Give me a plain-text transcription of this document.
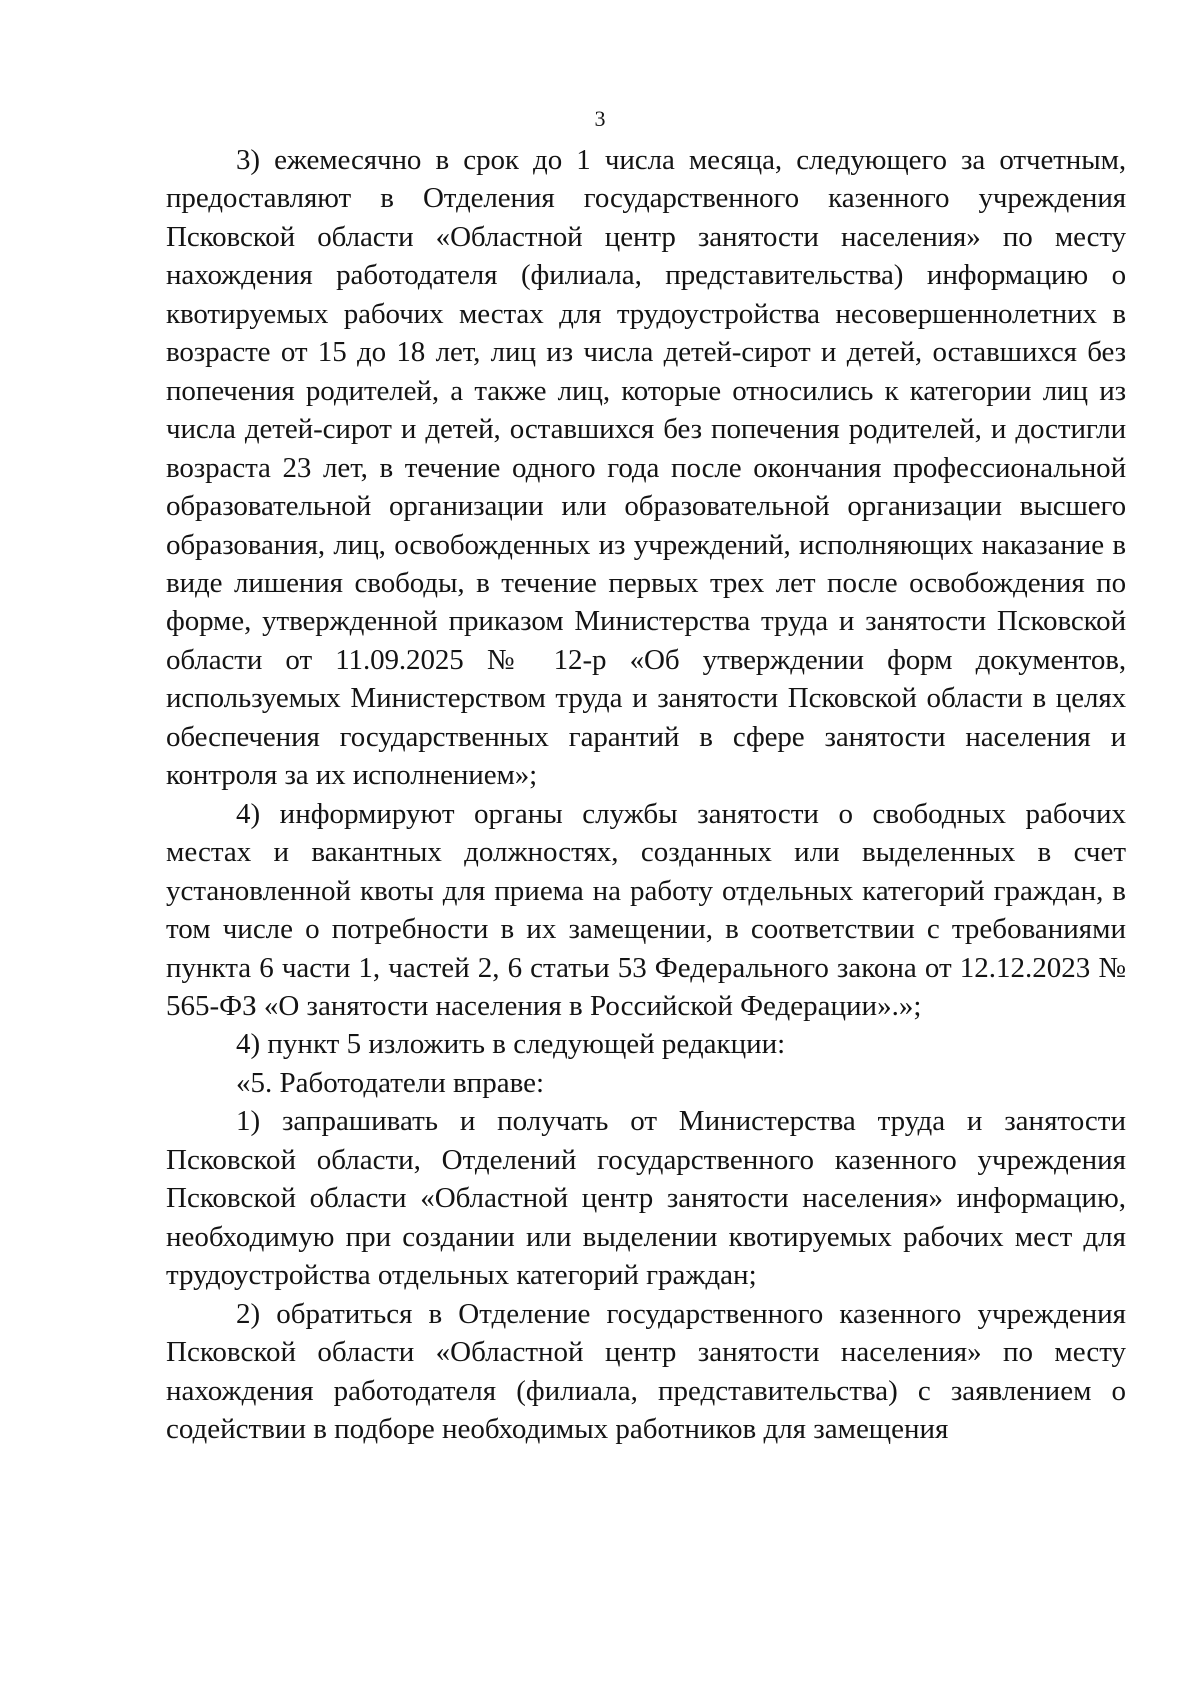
3

3) ежемесячно в срок до 1 числа месяца, следующего за отчетным, предоставляют в Отделения государственного казенного учреждения Псковской области «Областной центр занятости населения» по месту нахождения работодателя (филиала, представительства) информацию о квотируемых рабочих местах для трудоустройства несовершеннолетних в возрасте от 15 до 18 лет, лиц из числа детей-сирот и детей, оставшихся без попечения родителей, а также лиц, которые относились к категории лиц из числа детей-сирот и детей, оставшихся без попечения родителей, и достигли возраста 23 лет, в течение одного года после окончания профессиональной образовательной организации или образовательной организации высшего образования, лиц, освобожденных из учреждений, исполняющих наказание в виде лишения свободы, в течение первых трех лет после освобождения по форме, утвержденной приказом Министерства труда и занятости Псковской области от 11.09.2025 № 12-р «Об утверждении форм документов, используемых Министерством труда и занятости Псковской области в целях обеспечения государственных гарантий в сфере занятости населения и контроля за их исполнением»;

4) информируют органы службы занятости о свободных рабочих местах и вакантных должностях, созданных или выделенных в счет установленной квоты для приема на работу отдельных категорий граждан, в том числе о потребности в их замещении, в соответствии с требованиями пункта 6 части 1, частей 2, 6 статьи 53 Федерального закона от 12.12.2023 № 565-ФЗ «О занятости населения в Российской Федерации».»;

4) пункт 5 изложить в следующей редакции:

«5. Работодатели вправе:

1) запрашивать и получать от Министерства труда и занятости Псковской области, Отделений государственного казенного учреждения Псковской области «Областной центр занятости населения» информацию, необходимую при создании или выделении квотируемых рабочих мест для трудоустройства отдельных категорий граждан;

2) обратиться в Отделение государственного казенного учреждения Псковской области «Областной центр занятости населения» по месту нахождения работодателя (филиала, представительства) с заявлением о содействии в подборе необходимых работников для замещения
